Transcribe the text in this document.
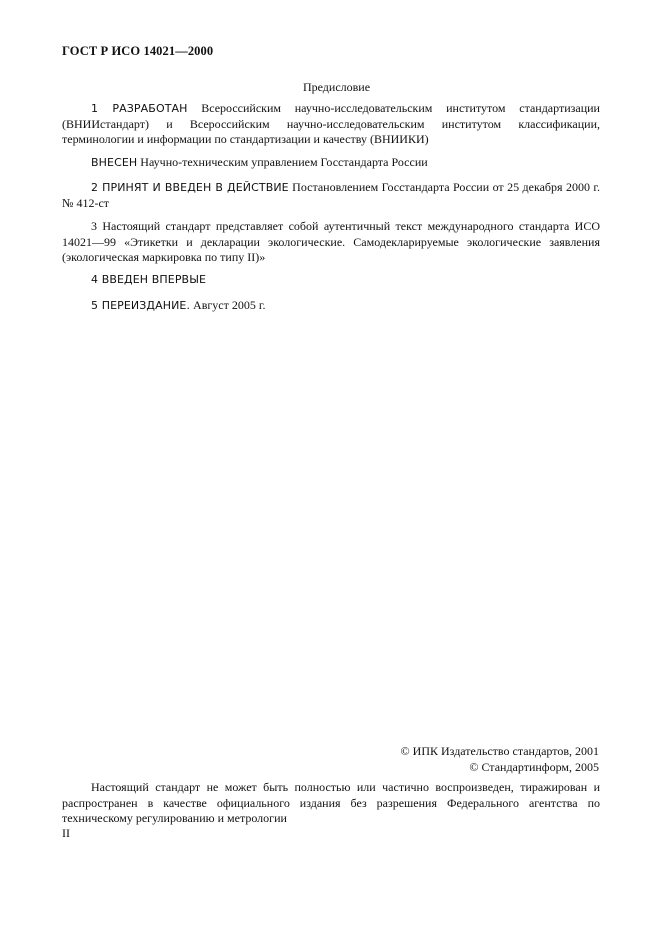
ГОСТ Р ИСО 14021—2000
Предисловие

1 РАЗРАБОТАН Всероссийским научно-исследовательским институтом стандартизации (ВНИИстандарт) и Всероссийским научно-исследовательским институтом классификации, терминологии и информации по стандартизации и качеству (ВНИИКИ)

ВНЕСЕН Научно-техническим управлением Госстандарта России

2 ПРИНЯТ И ВВЕДЕН В ДЕЙСТВИЕ Постановлением Госстандарта России от 25 декабря 2000 г. № 412-ст

3 Настоящий стандарт представляет собой аутентичный текст международного стандарта ИСО 14021—99 «Этикетки и декларации экологические. Самодекларируемые экологические заявления (экологическая маркировка по типу II)»

4 ВВЕДЕН ВПЕРВЫЕ

5 ПЕРЕИЗДАНИЕ. Август 2005 г.

© ИПК Издательство стандартов, 2001
© Стандартинформ, 2005

Настоящий стандарт не может быть полностью или частично воспроизведен, тиражирован и распространен в качестве официального издания без разрешения Федерального агентства по техническому регулированию и метрологии

II
